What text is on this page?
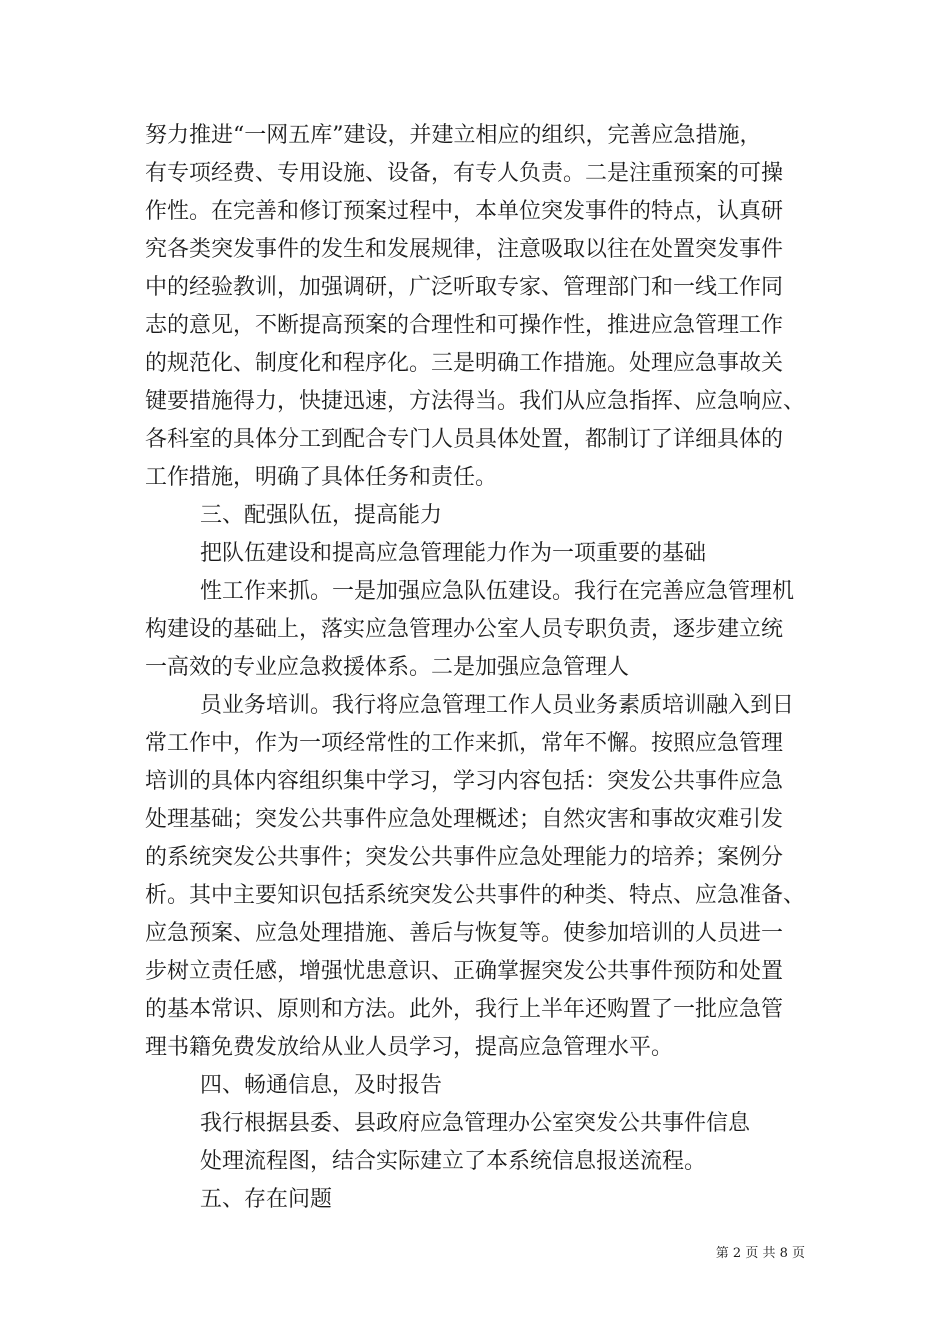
努力推进“一网五库”建设，并建立相应的组织，完善应急措施，
有专项经费、专用设施、设备，有专人负责。二是注重预案的可操
作性。在完善和修订预案过程中，本单位突发事件的特点，认真研
究各类突发事件的发生和发展规律，注意吸取以往在处置突发事件
中的经验教训，加强调研，广泛听取专家、管理部门和一线工作同
志的意见，不断提高预案的合理性和可操作性，推进应急管理工作
的规范化、制度化和程序化。三是明确工作措施。处理应急事故关
键要措施得力，快捷迅速，方法得当。我们从应急指挥、应急响应、
各科室的具体分工到配合专门人员具体处置，都制订了详细具体的
工作措施，明确了具体任务和责任。
三、配强队伍，提高能力
把队伍建设和提高应急管理能力作为一项重要的基础
性工作来抓。一是加强应急队伍建设。我行在完善应急管理机
构建设的基础上，落实应急管理办公室人员专职负责，逐步建立统
一高效的专业应急救援体系。二是加强应急管理人
员业务培训。我行将应急管理工作人员业务素质培训融入到日
常工作中，作为一项经常性的工作来抓，常年不懈。按照应急管理
培训的具体内容组织集中学习，学习内容包括：突发公共事件应急
处理基础；突发公共事件应急处理概述；自然灾害和事故灾难引发
的系统突发公共事件；突发公共事件应急处理能力的培养；案例分
析。其中主要知识包括系统突发公共事件的种类、特点、应急准备、
应急预案、应急处理措施、善后与恢复等。使参加培训的人员进一
步树立责任感，增强忧患意识、正确掌握突发公共事件预防和处置
的基本常识、原则和方法。此外，我行上半年还购置了一批应急管
理书籍免费发放给从业人员学习，提高应急管理水平。
四、畅通信息，及时报告
我行根据县委、县政府应急管理办公室突发公共事件信息
处理流程图，结合实际建立了本系统信息报送流程。
五、存在问题
第 2 页 共 8 页
